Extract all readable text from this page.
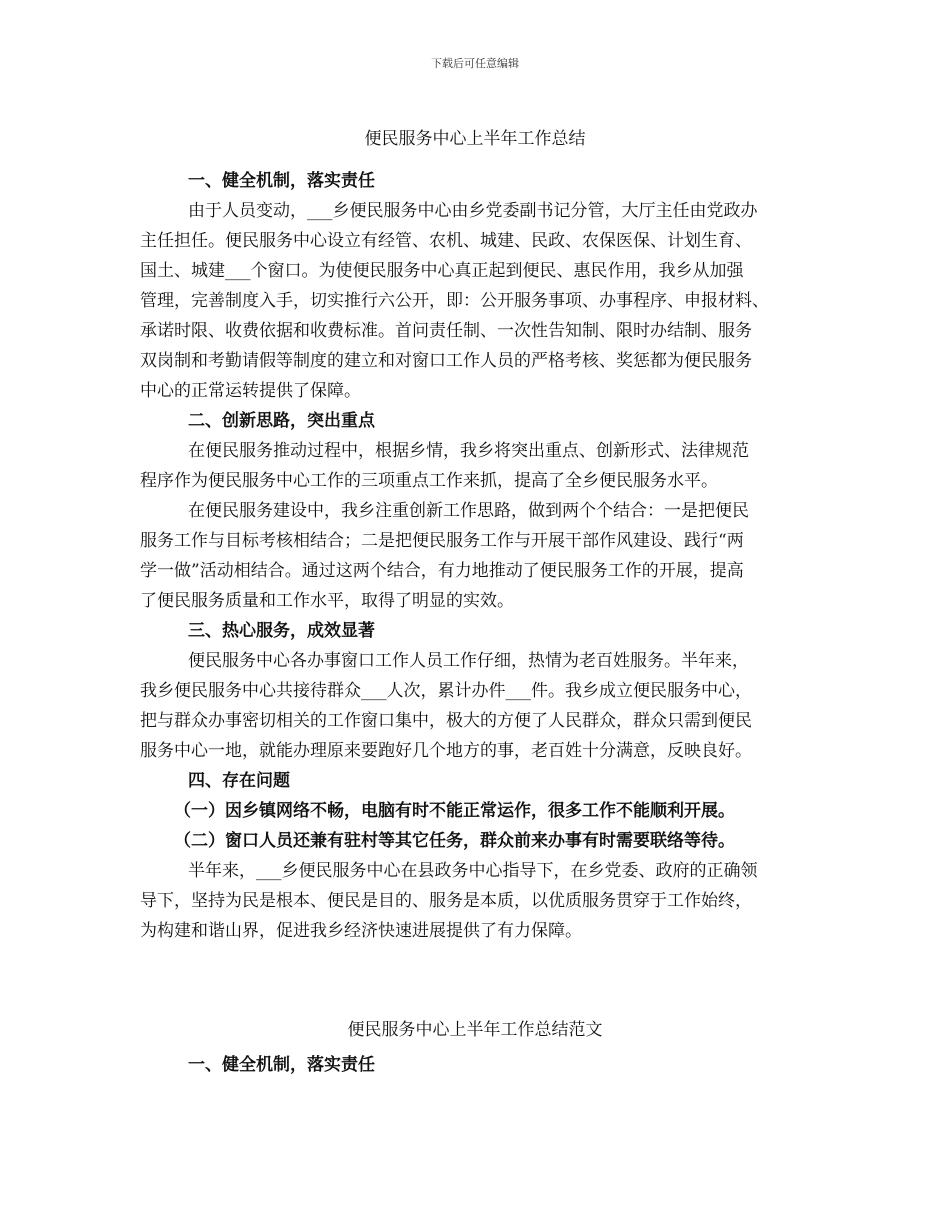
下载后可任意编辑
便民服务中心上半年工作总结

一、健全机制，落实责任

由于人员变动，___乡便民服务中心由乡党委副书记分管，大厅主任由党政办

主任担任。便民服务中心设立有经管、农机、城建、民政、农保医保、计划生育、

国土、城建___个窗口。为使便民服务中心真正起到便民、惠民作用，我乡从加强

管理，完善制度入手，切实推行六公开，即：公开服务事项、办事程序、申报材料、

承诺时限、收费依据和收费标准。首问责任制、一次性告知制、限时办结制、服务

双岗制和考勤请假等制度的建立和对窗口工作人员的严格考核、奖惩都为便民服务

中心的正常运转提供了保障。

二、创新思路，突出重点

在便民服务推动过程中，根据乡情，我乡将突出重点、创新形式、法律规范

程序作为便民服务中心工作的三项重点工作来抓，提高了全乡便民服务水平。

在便民服务建设中，我乡注重创新工作思路，做到两个个结合：一是把便民

服务工作与目标考核相结合；二是把便民服务工作与开展干部作风建设、践行“两

学一做”活动相结合。通过这两个结合，有力地推动了便民服务工作的开展，提高

了便民服务质量和工作水平，取得了明显的实效。

三、热心服务，成效显著

便民服务中心各办事窗口工作人员工作仔细，热情为老百姓服务。半年来，

我乡便民服务中心共接待群众___人次，累计办件___件。我乡成立便民服务中心，

把与群众办事密切相关的工作窗口集中，极大的方便了人民群众，群众只需到便民

服务中心一地，就能办理原来要跑好几个地方的事，老百姓十分满意，反映良好。

四、存在问题

（一）因乡镇网络不畅，电脑有时不能正常运作，很多工作不能顺利开展。

（二）窗口人员还兼有驻村等其它任务，群众前来办事有时需要联络等待。

半年来，___乡便民服务中心在县政务中心指导下，在乡党委、政府的正确领

导下，坚持为民是根本、便民是目的、服务是本质，以优质服务贯穿于工作始终，

为构建和谐山界，促进我乡经济快速进展提供了有力保障。

便民服务中心上半年工作总结范文

一、健全机制，落实责任
